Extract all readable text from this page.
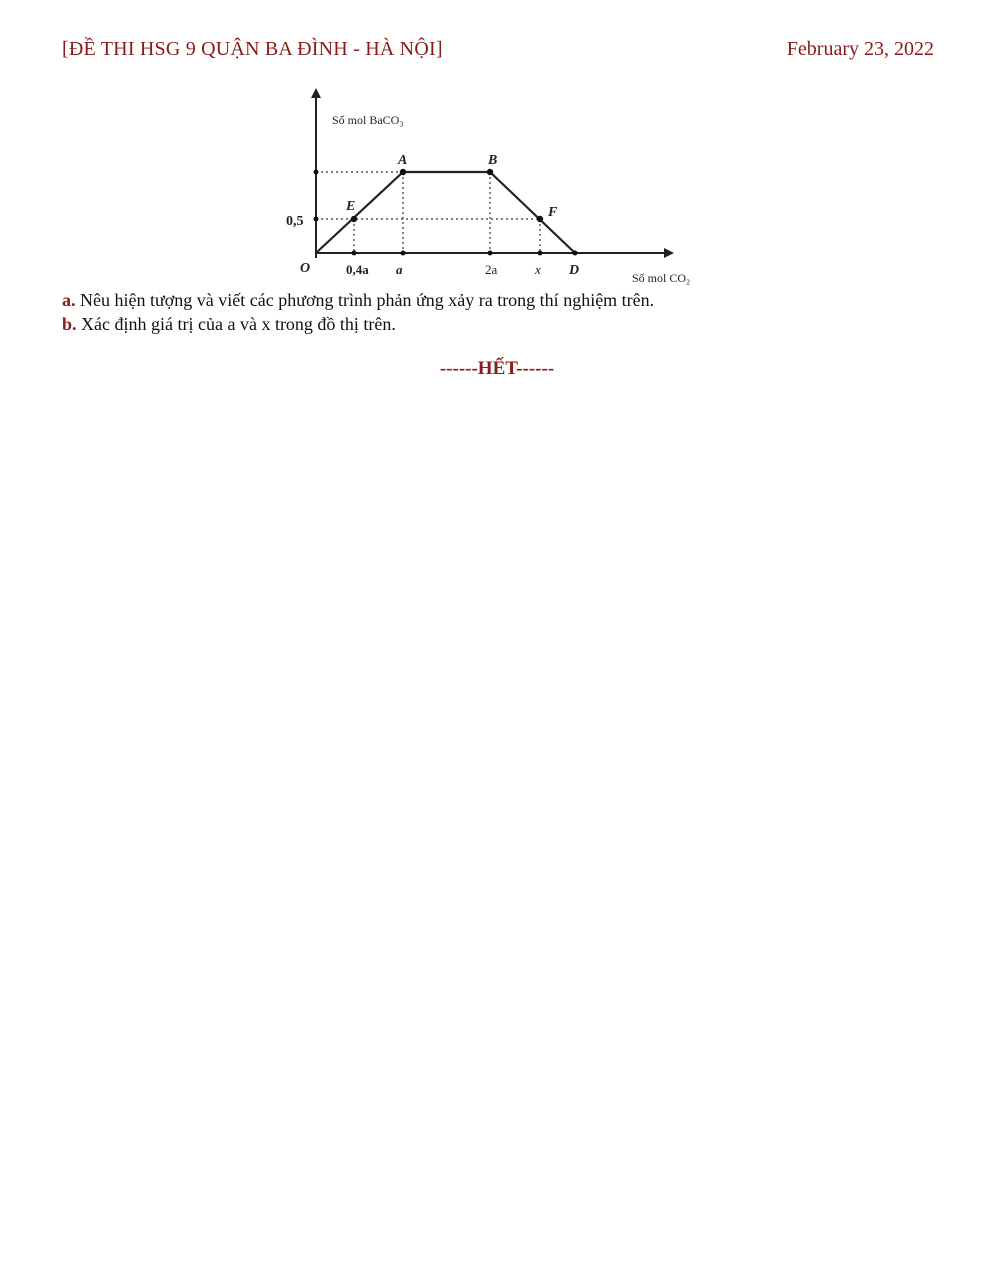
[ĐỀ THI HSG 9 QUẬN BA ĐÌNH - HÀ NỘI]	February 23, 2022
Số mol BaCO₃
Số mol CO₂
O
0,5
0,4a a	2a	x D
A	B
E	F
a. Nêu hiện tượng và viết các phương trình phản ứng xảy ra trong thí nghiệm trên.
b. Xác định giá trị của a và x trong đồ thị trên.
------HẾT------
